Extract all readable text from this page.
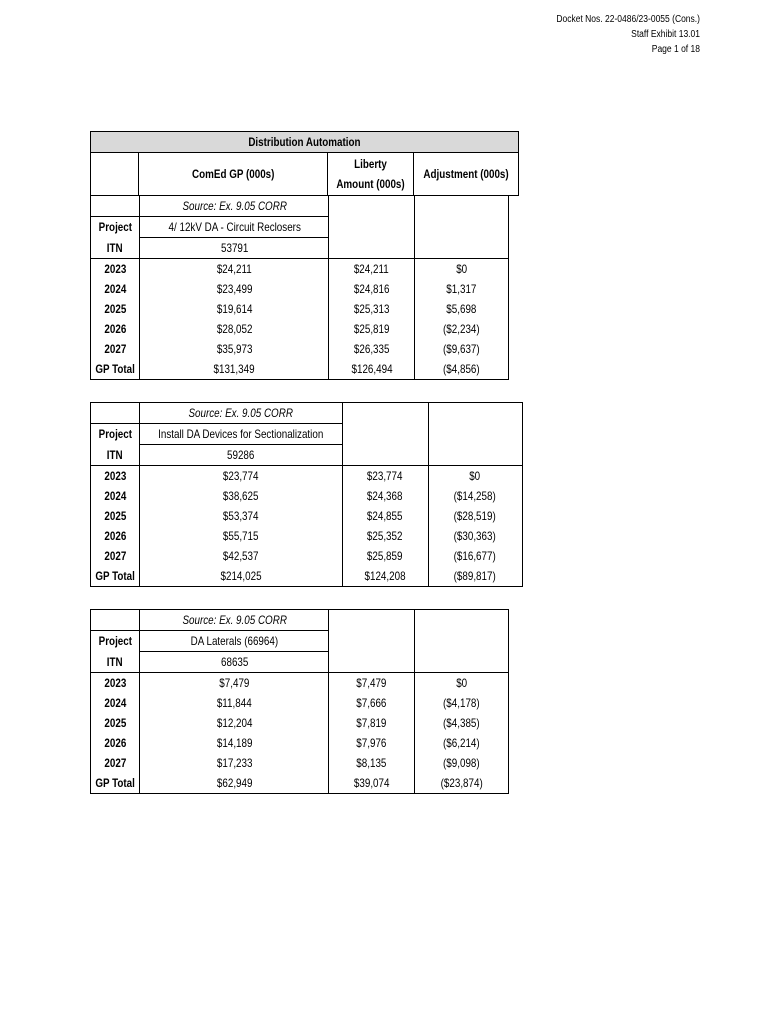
Docket Nos. 22-0486/23-0055 (Cons.)
Staff Exhibit 13.01
Page 1 of 18
Distribution Automation
	ComEd GP (000s)	Liberty Amount (000s)	Adjustment (000s)
	Source: Ex. 9.05 CORR		
Project	4/ 12kV DA - Circuit Reclosers		
ITN	53791		
2023	$24,211	$24,211	$0
2024	$23,499	$24,816	$1,317
2025	$19,614	$25,313	$5,698
2026	$28,052	$25,819	($2,234)
2027	$35,973	$26,335	($9,637)
GP Total	$131,349	$126,494	($4,856)
	Source: Ex. 9.05 CORR		
Project	Install DA Devices for Sectionalization		
ITN	59286		
2023	$23,774	$23,774	$0
2024	$38,625	$24,368	($14,258)
2025	$53,374	$24,855	($28,519)
2026	$55,715	$25,352	($30,363)
2027	$42,537	$25,859	($16,677)
GP Total	$214,025	$124,208	($89,817)
	Source: Ex. 9.05 CORR		
Project	DA Laterals (66964)		
ITN	68635		
2023	$7,479	$7,479	$0
2024	$11,844	$7,666	($4,178)
2025	$12,204	$7,819	($4,385)
2026	$14,189	$7,976	($6,214)
2027	$17,233	$8,135	($9,098)
GP Total	$62,949	$39,074	($23,874)
